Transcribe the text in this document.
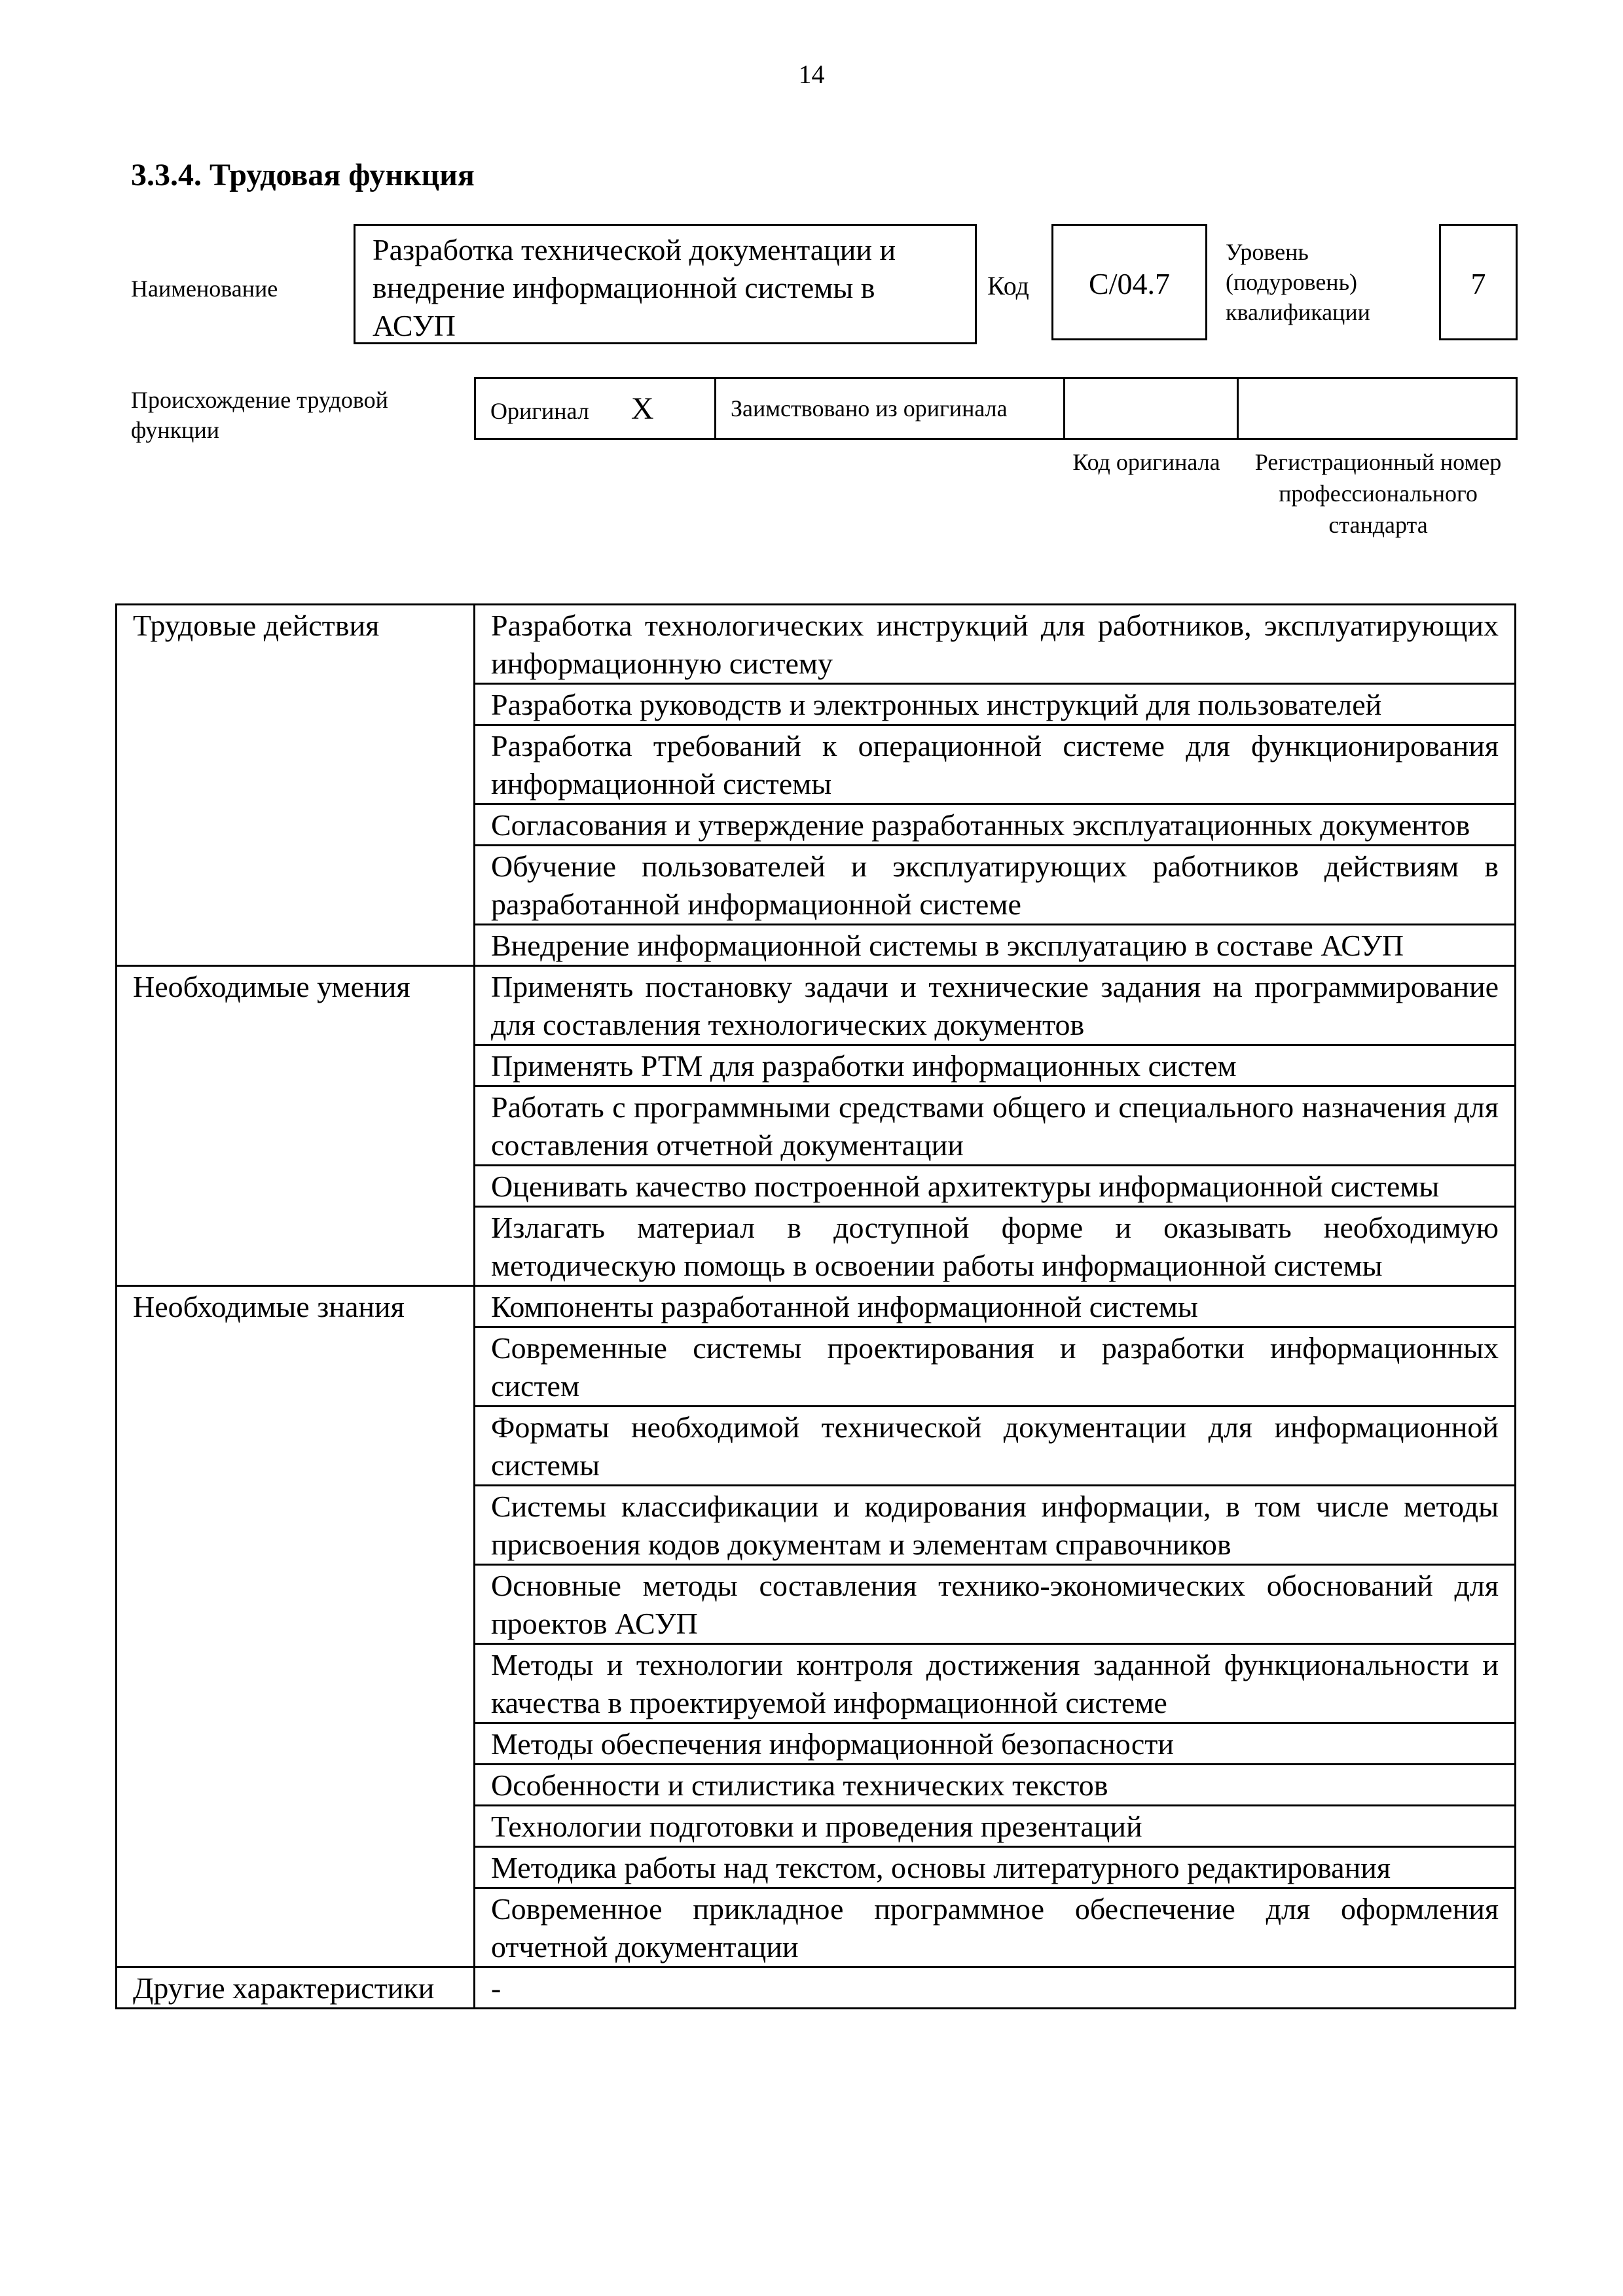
14
3.3.4. Трудовая функция
Наименование
Разработка технической документации и внедрение информационной системы в АСУП
Код	C/04.7
Уровень (подуровень) квалификации
7
Происхождение трудовой функции
Оригинал X	Заимствовано из оригинала

Код оригинала	Регистрационный номер профессионального стандарта
Трудовые действия	Разработка технологических инструкций для работников, эксплуатирующих информационную систему
	Разработка руководств и электронных инструкций для пользователей
	Разработка требований к операционной системе для функционирования информационной системы
	Согласования и утверждение разработанных эксплуатационных документов
	Обучение пользователей и эксплуатирующих работников действиям в разработанной информационной системе
	Внедрение информационной системы в эксплуатацию в составе АСУП
Необходимые умения	Применять постановку задачи и технические задания на программирование для составления технологических документов
	Применять РТМ для разработки информационных систем
	Работать с программными средствами общего и специального назначения для составления отчетной документации
	Оценивать качество построенной архитектуры информационной системы
	Излагать материал в доступной форме и оказывать необходимую методическую помощь в освоении работы информационной системы
Необходимые знания	Компоненты разработанной информационной системы
	Современные системы проектирования и разработки информационных систем
	Форматы необходимой технической документации для информационной системы
	Системы классификации и кодирования информации, в том числе методы присвоения кодов документам и элементам справочников
	Основные методы составления технико-экономических обоснований для проектов АСУП
	Методы и технологии контроля достижения заданной функциональности и качества в проектируемой информационной системе
	Методы обеспечения информационной безопасности
	Особенности и стилистика технических текстов
	Технологии подготовки и проведения презентаций
	Методика работы над текстом, основы литературного редактирования
	Современное прикладное программное обеспечение для оформления отчетной документации
Другие характеристики	-
